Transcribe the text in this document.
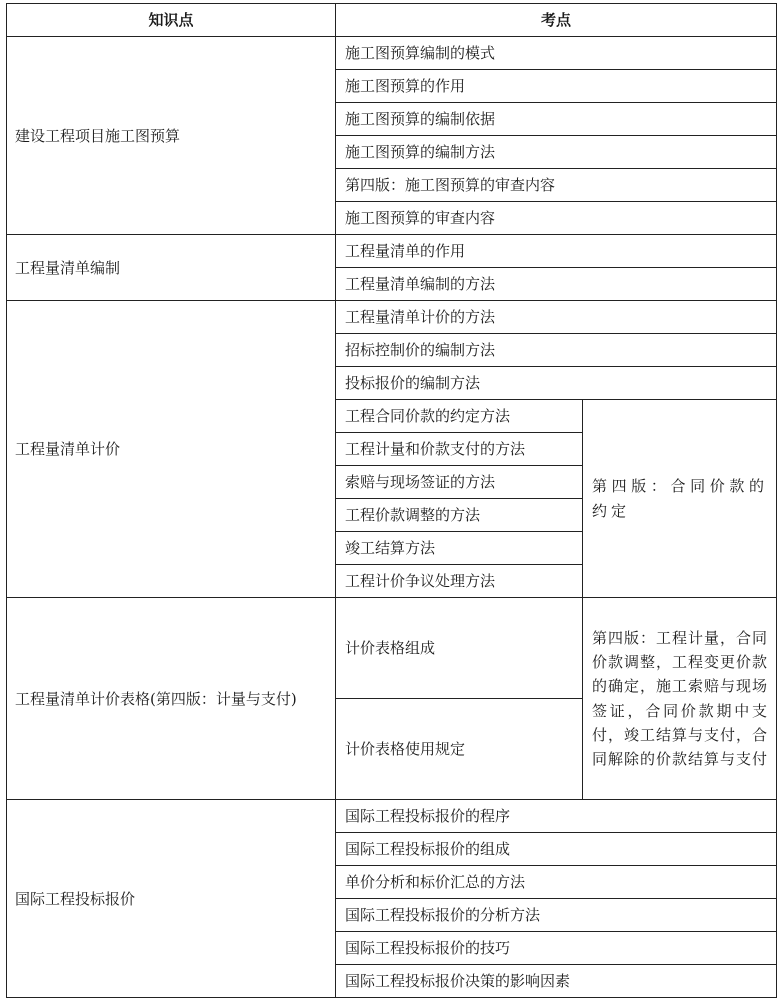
知识点	考点	
建设工程项目施工图预算	施工图预算编制的模式	
	施工图预算的作用	
	施工图预算的编制依据	
	施工图预算的编制方法	
	第四版：施工图预算的审查内容	
	施工图预算的审查内容	
工程量清单编制	工程量清单的作用	
	工程量清单编制的方法	
工程量清单计价	工程量清单计价的方法	
	招标控制价的编制方法	
	投标报价的编制方法	
	工程合同价款的约定方法	第四版：合同价款的约定
	工程计量和价款支付的方法	
	索赔与现场签证的方法	
	工程价款调整的方法	
	竣工结算方法	
	工程计价争议处理方法	
工程量清单计价表格(第四版：计量与支付)	计价表格组成	第四版：工程计量，合同价款调整，工程变更价款的确定，施工索赔与现场签证，合同价款期中支付，竣工结算与支付，合同解除的价款结算与支付
	计价表格使用规定	
国际工程投标报价	国际工程投标报价的程序	
	国际工程投标报价的组成	
	单价分析和标价汇总的方法	
	国际工程投标报价的分析方法	
	国际工程投标报价的技巧	
	国际工程投标报价决策的影响因素	
